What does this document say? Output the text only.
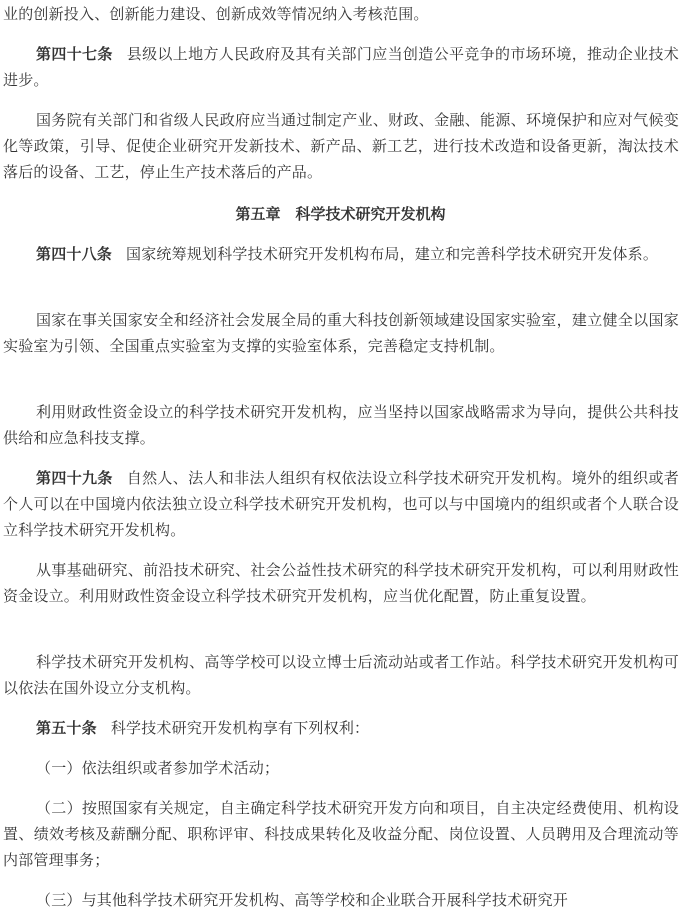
业的创新投入、创新能力建设、创新成效等情况纳入考核范围。

第四十七条 县级以上地方人民政府及其有关部门应当创造公平竞争的市场环境，推动企业技术进步。

国务院有关部门和省级人民政府应当通过制定产业、财政、金融、能源、环境保护和应对气候变化等政策，引导、促使企业研究开发新技术、新产品、新工艺，进行技术改造和设备更新，淘汰技术落后的设备、工艺，停止生产技术落后的产品。

第五章　科学技术研究开发机构

第四十八条 国家统筹规划科学技术研究开发机构布局，建立和完善科学技术研究开发体系。

国家在事关国家安全和经济社会发展全局的重大科技创新领域建设国家实验室，建立健全以国家实验室为引领、全国重点实验室为支撑的实验室体系，完善稳定支持机制。

利用财政性资金设立的科学技术研究开发机构，应当坚持以国家战略需求为导向，提供公共科技供给和应急科技支撑。

第四十九条 自然人、法人和非法人组织有权依法设立科学技术研究开发机构。境外的组织或者个人可以在中国境内依法独立设立科学技术研究开发机构，也可以与中国境内的组织或者个人联合设立科学技术研究开发机构。

从事基础研究、前沿技术研究、社会公益性技术研究的科学技术研究开发机构，可以利用财政性资金设立。利用财政性资金设立科学技术研究开发机构，应当优化配置，防止重复设置。

科学技术研究开发机构、高等学校可以设立博士后流动站或者工作站。科学技术研究开发机构可以依法在国外设立分支机构。

第五十条 科学技术研究开发机构享有下列权利：

（一）依法组织或者参加学术活动；

（二）按照国家有关规定，自主确定科学技术研究开发方向和项目，自主决定经费使用、机构设置、绩效考核及薪酬分配、职称评审、科技成果转化及收益分配、岗位设置、人员聘用及合理流动等内部管理事务；

（三）与其他科学技术研究开发机构、高等学校和企业联合开展科学技术研究开
